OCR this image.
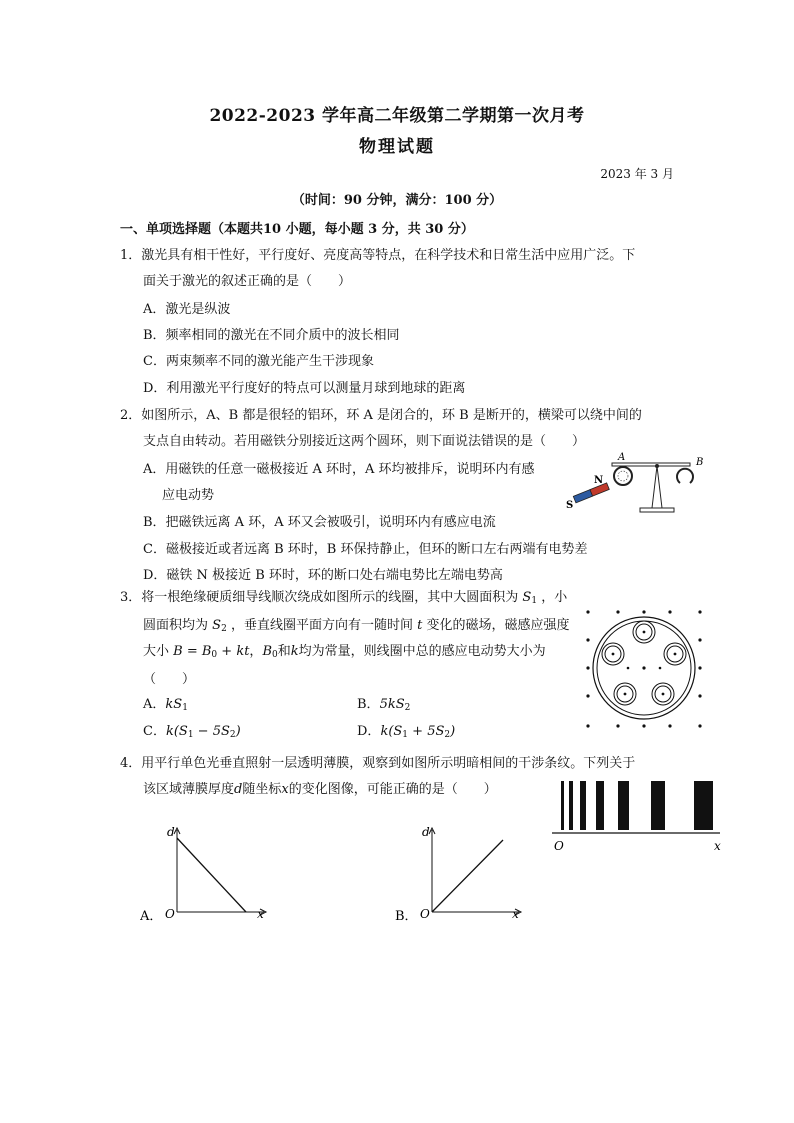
2022-2023 学年高二年级第二学期第一次月考
物理试题
2023 年 3 月
（时间：90 分钟，满分：100 分）
一、单项选择题（本题共10 小题，每小题 3 分，共 30 分）
1．激光具有相干性好，平行度好、亮度高等特点，在科学技术和日常生活中应用广泛。下
面关于激光的叙述正确的是（　　）
A．激光是纵波
B．频率相同的激光在不同介质中的波长相同
C．两束频率不同的激光能产生干涉现象
D．利用激光平行度好的特点可以测量月球到地球的距离
2．如图所示，A、B 都是很轻的铝环，环 A 是闭合的，环 B 是断开的，横梁可以绕中间的
支点自由转动。若用磁铁分别接近这两个圆环，则下面说法错误的是（　　）
A．用磁铁的任意一磁极接近 A 环时，A 环均被排斥，说明环内有感
应电动势
B．把磁铁远离 A 环，A 环又会被吸引，说明环内有感应电流
C．磁极接近或者远离 B 环时，B 环保持静止，但环的断口左右两端有电势差
D．磁铁 N 极接近 B 环时，环的断口处右端电势比左端电势高
A	B
N
S
3．将一根绝缘硬质细导线顺次绕成如图所示的线圈，其中大圆面积为 $S_1$ ，小
圆面积均为 $S_2$ ，垂直线圈平面方向有一随时间 t 变化的磁场，磁感应强度
大小 $B = B_0$ + kt，$B_0$和k均为常量，则线圈中总的感应电动势大小为
（　　）
A．$kS_1$	B．$5kS_2$
C．$k(S_1 - 5S_2)$	D．$k(S_1 + 5S_2)$
4．用平行单色光垂直照射一层透明薄膜，观察到如图所示明暗相间的干涉条纹。下列关于
该区域薄膜厚度d随坐标x的变化图像，可能正确的是（　　）
O	x
d
O	x
A．
d
O	x
B．
